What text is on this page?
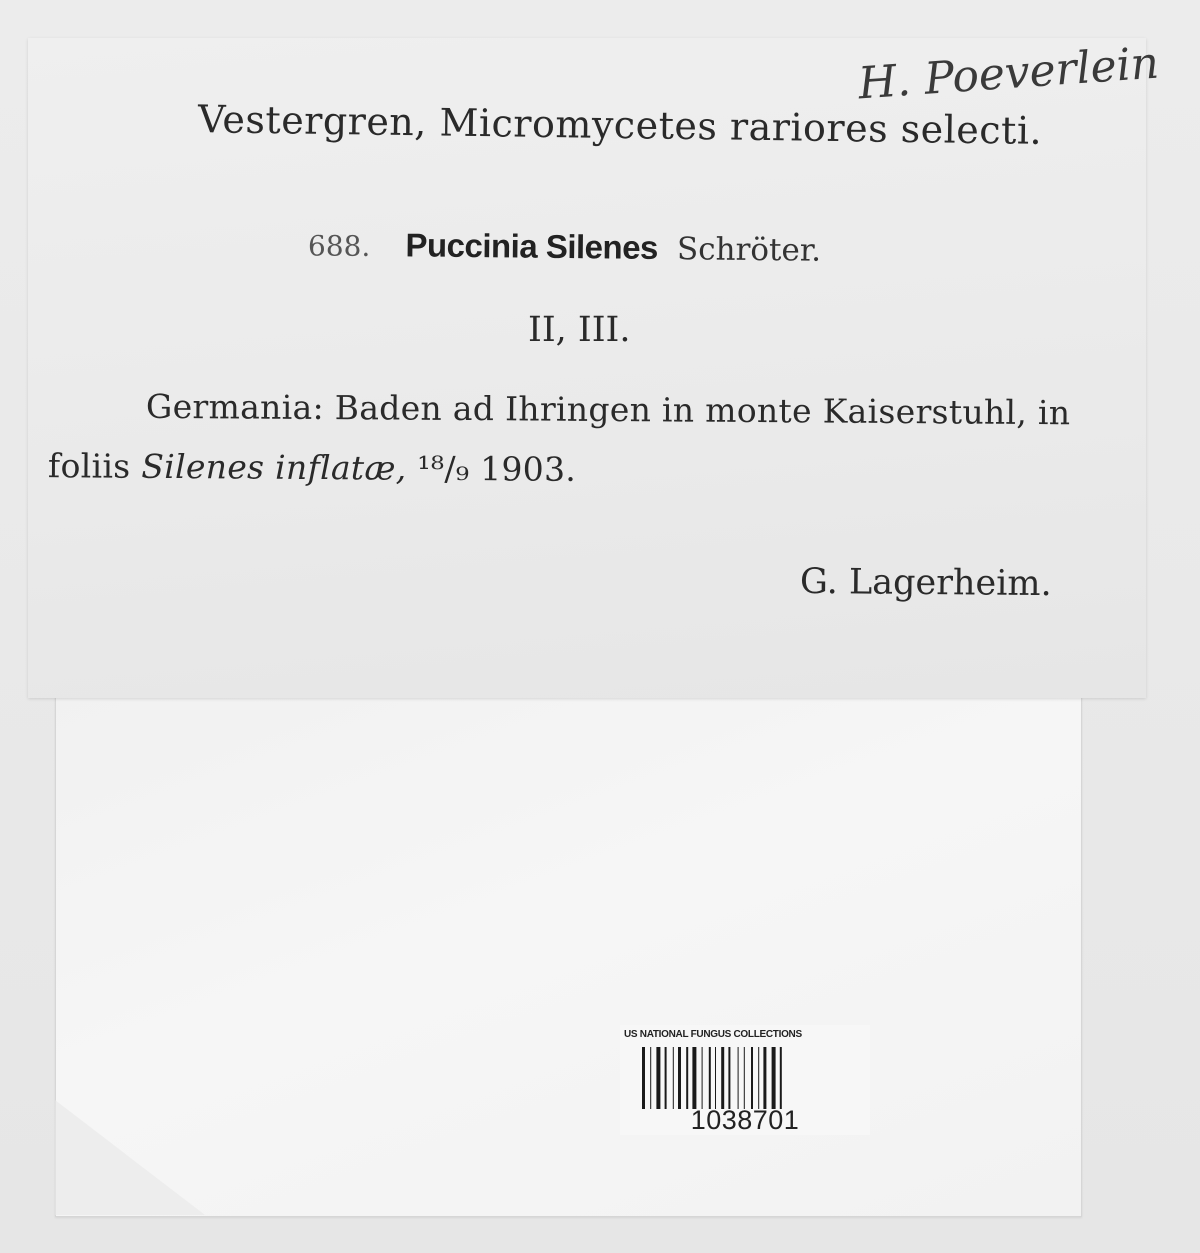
H. Poeverlein
Vestergren, Micromycetes rariores selecti.
688. Puccinia Silenes Schröter.
II, III.
Germania: Baden ad Ihringen in monte Kaiserstuhl, in
foliis Silenes inflatæ, ¹⁸/₉ 1903.
G. Lagerheim.
US NATIONAL FUNGUS COLLECTIONS
1038701
